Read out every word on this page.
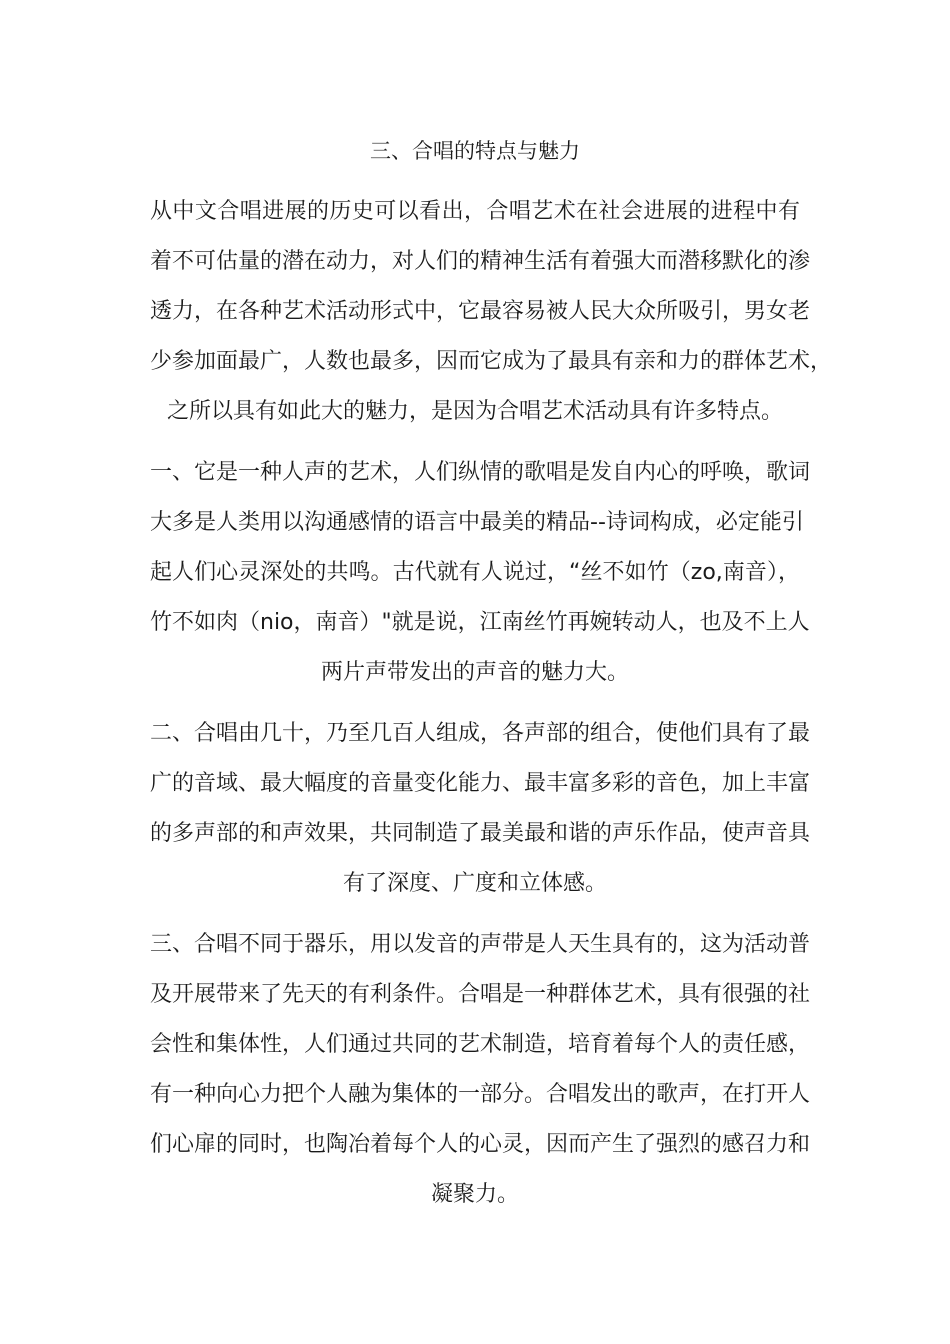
三、合唱的特点与魅力
从中文合唱进展的历史可以看出，合唱艺术在社会进展的进程中有
着不可估量的潜在动力，对人们的精神生活有着强大而潜移默化的渗
透力，在各种艺术活动形式中，它最容易被人民大众所吸引，男女老
少参加面最广，人数也最多，因而它成为了最具有亲和力的群体艺术，
之所以具有如此大的魅力，是因为合唱艺术活动具有许多特点。
一、它是一种人声的艺术，人们纵情的歌唱是发自内心的呼唤，歌词
大多是人类用以沟通感情的语言中最美的精品--诗词构成，必定能引
起人们心灵深处的共鸣。古代就有人说过，“丝不如竹（zo,南音），
竹不如肉（nio，南音）"就是说，江南丝竹再婉转动人，也及不上人
两片声带发出的声音的魅力大。
二、合唱由几十，乃至几百人组成，各声部的组合，使他们具有了最
广的音域、最大幅度的音量变化能力、最丰富多彩的音色，加上丰富
的多声部的和声效果，共同制造了最美最和谐的声乐作品，使声音具
有了深度、广度和立体感。
三、合唱不同于器乐，用以发音的声带是人天生具有的，这为活动普
及开展带来了先天的有利条件。合唱是一种群体艺术，具有很强的社
会性和集体性，人们通过共同的艺术制造，培育着每个人的责任感，
有一种向心力把个人融为集体的一部分。合唱发出的歌声，在打开人
们心扉的同时，也陶冶着每个人的心灵，因而产生了强烈的感召力和
凝聚力。
